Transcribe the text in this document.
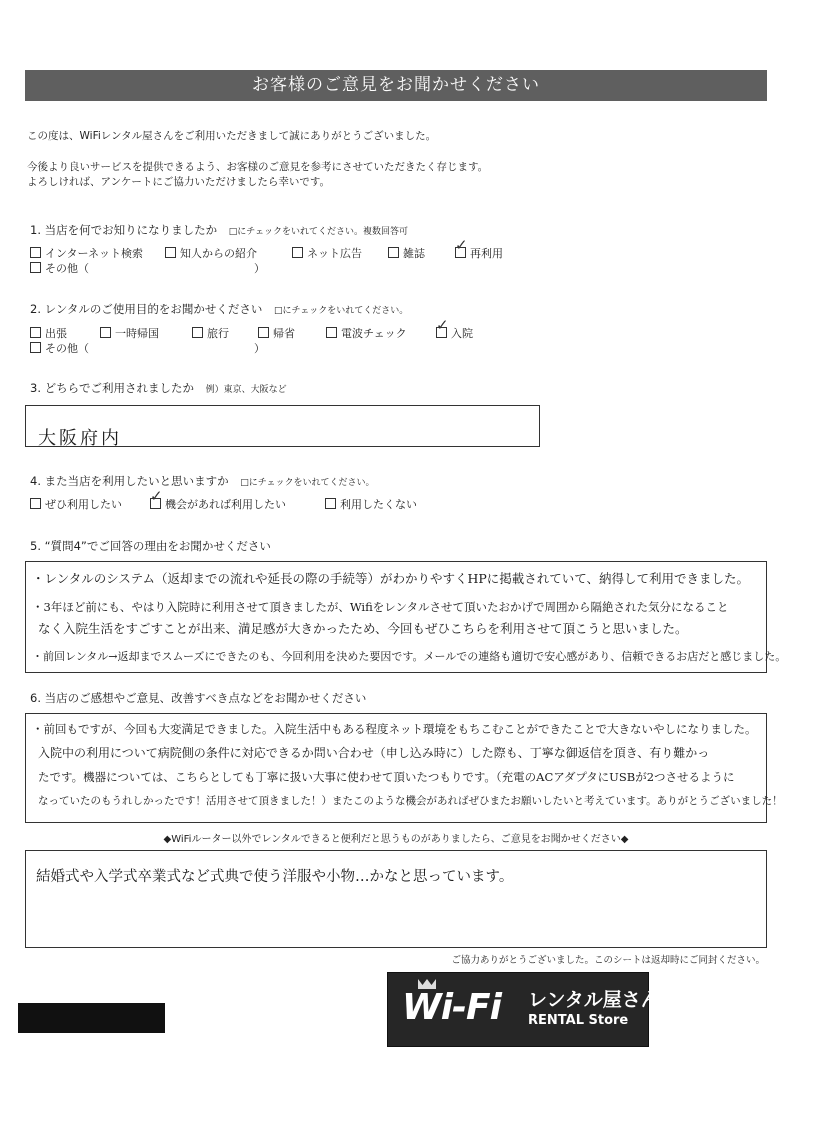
お客様のご意見をお聞かせください
この度は、WiFiレンタル屋さんをご利用いただきまして誠にありがとうございました。
今後より良いサービスを提供できるよう、お客様のご意見を参考にさせていただきたく存じます。
よろしければ、アンケートにご協力いただけましたら幸いです。
1. 当店を何でお知りになりましたか □にチェックをいれてください。複数回答可
インターネット検索	知人からの紹介	ネット広告	雑誌 ✓	再利用
その他（　　　　　　　　　　　　　　　）
2. レンタルのご使用目的をお聞かせください □にチェックをいれてください。
出張	一時帰国	旅行	帰省	電波チェック ✓	入院
その他（　　　　　　　　　　　　　　　）
3. どちらでご利用されましたか 例）東京、大阪など
大阪府内
4. また当店を利用したいと思いますか □にチェックをいれてください。
ぜひ利用したい ✓	機会があれば利用したい	利用したくない
5. “質問4”でご回答の理由をお聞かせください
・レンタルのシステム（返却までの流れや延長の際の手続等）がわかりやすくHPに掲載されていて、納得して利用できました。
・3年ほど前にも、やはり入院時に利用させて頂きましたが、Wifiをレンタルさせて頂いたおかげで周囲から隔絶された気分になること
なく入院生活をすごすことが出来、満足感が大きかったため、今回もぜひこちらを利用させて頂こうと思いました。
・前回レンタル→返却までスムーズにできたのも、今回利用を決めた要因です。メールでの連絡も適切で安心感があり、信頼できるお店だと感じました。
6. 当店のご感想やご意見、改善すべき点などをお聞かせください
・前回もですが、今回も大変満足できました。入院生活中もある程度ネット環境をもちこむことができたことで大きないやしになりました。
入院中の利用について病院側の条件に対応できるか問い合わせ（申し込み時に）した際も、丁寧な御返信を頂き、有り難かっ
たです。機器については、こちらとしても丁寧に扱い大事に使わせて頂いたつもりです。（充電のACアダプタにUSBが2つさせるように
なっていたのもうれしかったです！活用させて頂きました！）またこのような機会があればぜひまたお願いしたいと考えています。ありがとうございました！
◆WiFiルーター以外でレンタルできると便利だと思うものがありましたら、ご意見をお聞かせください◆
結婚式や入学式卒業式など式典で使う洋服や小物…かなと思っています。
ご協力ありがとうございました。このシートは返却時にご同封ください。
Wi-Fi レンタル屋さん
RENTAL Store
